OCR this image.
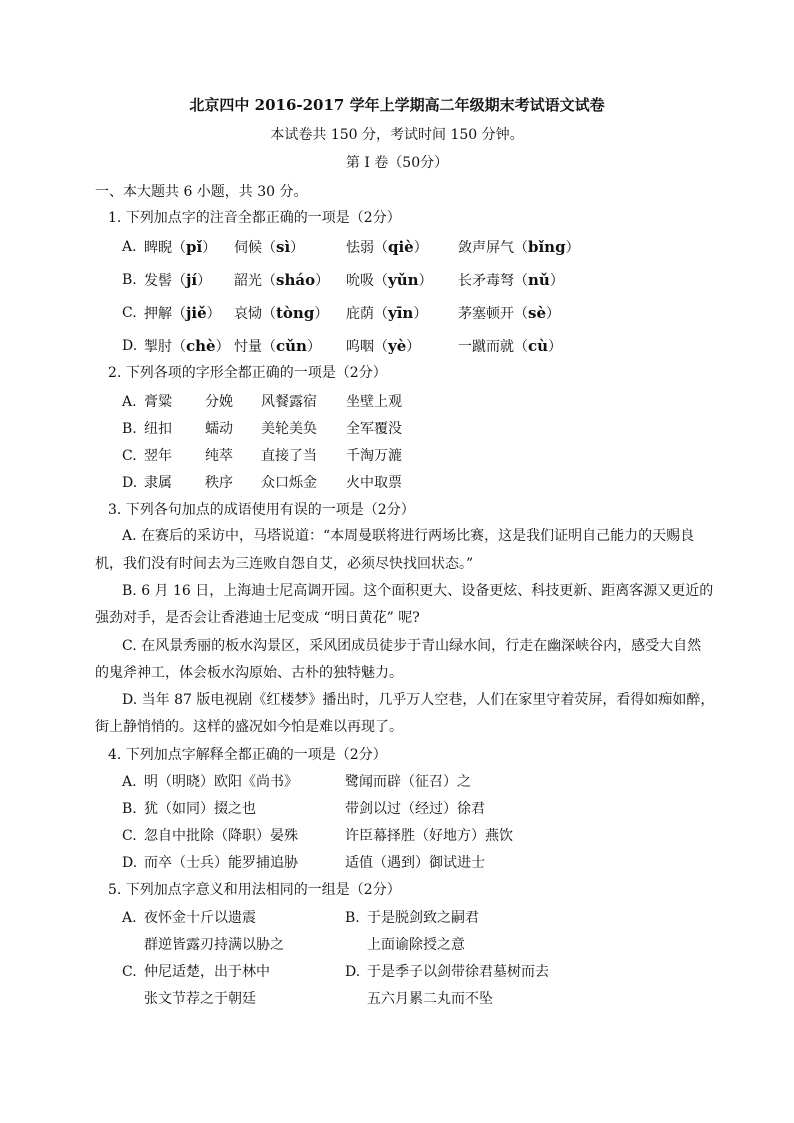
北京四中 2016-2017 学年上学期高二年级期末考试语文试卷
本试卷共 150 分，考试时间 150 分钟。
第 I 卷（50分）
一、本大题共 6 小题，共 30 分。
1. 下列加点字的注音全都正确的一项是（2分）
A. 睥睨（pǐ） 伺候（sì）	怯弱（qiè） 敛声屏气（bǐng）
B. 发髻（jí） 韶光（sháo） 吮吸（yǔn） 长矛毒弩（nǔ）
C. 押解（jiě） 哀恸（tòng） 庇荫（yīn） 茅塞顿开（sè）
D. 掣肘（chè） 忖量（cǔn） 呜咽（yè）	一蹴而就（cù）
2. 下列各项的字形全都正确的一项是（2分）
A. 膏粱 分娩 风餐露宿 坐壁上观
B. 纽扣 蠕动 美轮美奂 全军覆没
C. 翌年 纯萃 直接了当 千淘万漉
D. 隶属 秩序 众口烁金 火中取票
3. 下列各句加点的成语使用有误的一项是（2分）
A. 在赛后的采访中，马塔说道：“本周曼联将进行两场比赛，这是我们证明自己能力的天赐良
机，我们没有时间去为三连败自怨自艾，必须尽快找回状态。”
B. 6 月 16 日，上海迪士尼高调开园。这个面积更大、设备更炫、科技更新、距离客源又更近的
强劲对手，是否会让香港迪士尼变成 “明日黄花” 呢?
C. 在风景秀丽的板水沟景区，采风团成员徒步于青山绿水间，行走在幽深峡谷内，感受大自然
的鬼斧神工，体会板水沟原始、古朴的独特魅力。
D. 当年 87 版电视剧《红楼梦》播出时，几乎万人空巷，人们在家里守着荧屏，看得如痴如醉，
街上静悄悄的。这样的盛况如今怕是难以再现了。
4. 下列加点字解释全都正确的一项是（2分）
A. 明（明晓）欧阳《尚书》	鹭闻而辟（征召）之
B. 犹（如同）掇之也	带剑以过（经过）徐君
C. 忽自中批除（降职）晏殊	许臣幕择胜（好地方）燕饮
D. 而卒（士兵）能罗捕追胁	适值（遇到）御试进士
5. 下列加点字意义和用法相同的一组是（2分）
A. 夜怀金十斤以遗震
群逆皆露刃持满以胁之
B. 于是脱剑致之嗣君
上面谕除授之意
C. 仲尼适楚，出于林中
张文节荐之于朝廷
D. 于是季子以剑带徐君墓树而去
五六月累二丸而不坠
